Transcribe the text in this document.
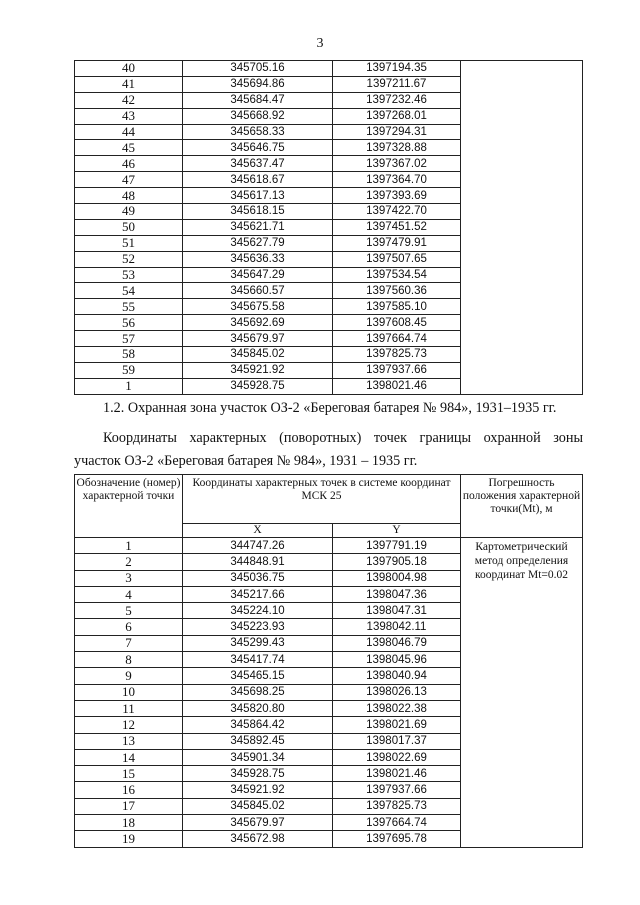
3
40	345705.16	1397194.35	
41	345694.86	1397211.67	
42	345684.47	1397232.46	
43	345668.92	1397268.01	
44	345658.33	1397294.31	
45	345646.75	1397328.88	
46	345637.47	1397367.02	
47	345618.67	1397364.70	
48	345617.13	1397393.69	
49	345618.15	1397422.70	
50	345621.71	1397451.52	
51	345627.79	1397479.91	
52	345636.33	1397507.65	
53	345647.29	1397534.54	
54	345660.57	1397560.36	
55	345675.58	1397585.10	
56	345692.69	1397608.45	
57	345679.97	1397664.74	
58	345845.02	1397825.73	
59	345921.92	1397937.66	
1	345928.75	1398021.46	
1.2. Охранная зона участок ОЗ-2 «Береговая батарея № 984», 1931–1935 гг.
Координаты характерных (поворотных) точек границы охранной зоны
участок ОЗ-2 «Береговая батарея № 984», 1931 – 1935 гг.
Обозначение (номер) характерной точки	Координаты характерных точек в системе координат МСК 25		Погрешность положения характерной точки(Mt), м
	X	Y	
1	344747.26	1397791.19	Картометрический метод определения координат Mt=0.02
2	344848.91	1397905.18	
3	345036.75	1398004.98	
4	345217.66	1398047.36	
5	345224.10	1398047.31	
6	345223.93	1398042.11	
7	345299.43	1398046.79	
8	345417.74	1398045.96	
9	345465.15	1398040.94	
10	345698.25	1398026.13	
11	345820.80	1398022.38	
12	345864.42	1398021.69	
13	345892.45	1398017.37	
14	345901.34	1398022.69	
15	345928.75	1398021.46	
16	345921.92	1397937.66	
17	345845.02	1397825.73	
18	345679.97	1397664.74	
19	345672.98	1397695.78	
